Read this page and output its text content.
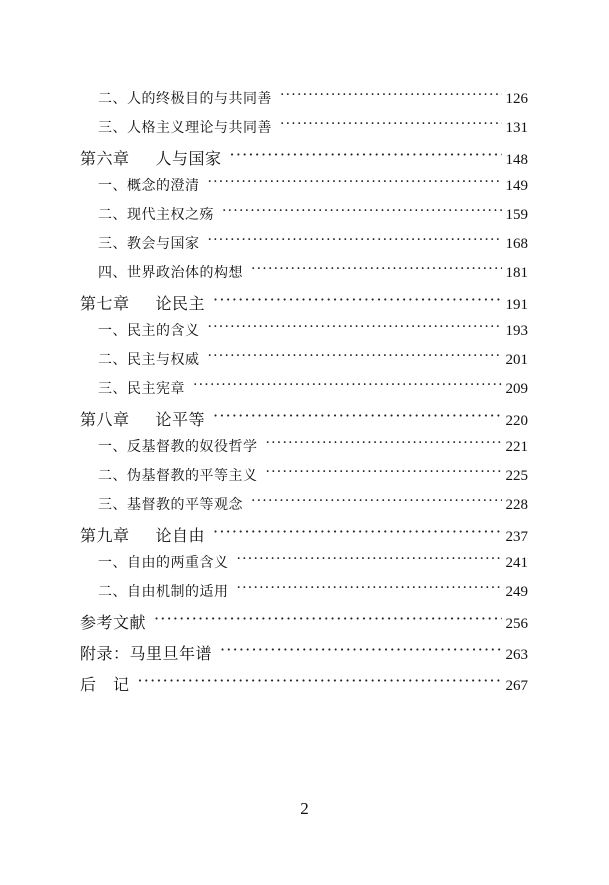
二、人的终极目的与共同善 ·····	126
三、人格主义理论与共同善 ·····	131
第六章 人与国家 ·····	148
一、概念的澄清 ·····	149
二、现代主权之殇 ·····	159
三、教会与国家 ·····	168
四、世界政治体的构想 ·····	181
第七章 论民主 ·····	191
一、民主的含义 ·····	193
二、民主与权威 ·····	201
三、民主宪章 ·····	209
第八章 论平等 ·····	220
一、反基督教的奴役哲学 ·····	221
二、伪基督教的平等主义 ·····	225
三、基督教的平等观念 ·····	228
第九章 论自由 ·····	237
一、自由的两重含义 ·····	241
二、自由机制的适用 ·····	249
参考文献 ·····	256
附录：马里旦年谱 ·····	263
后　记 ·····	267
2
